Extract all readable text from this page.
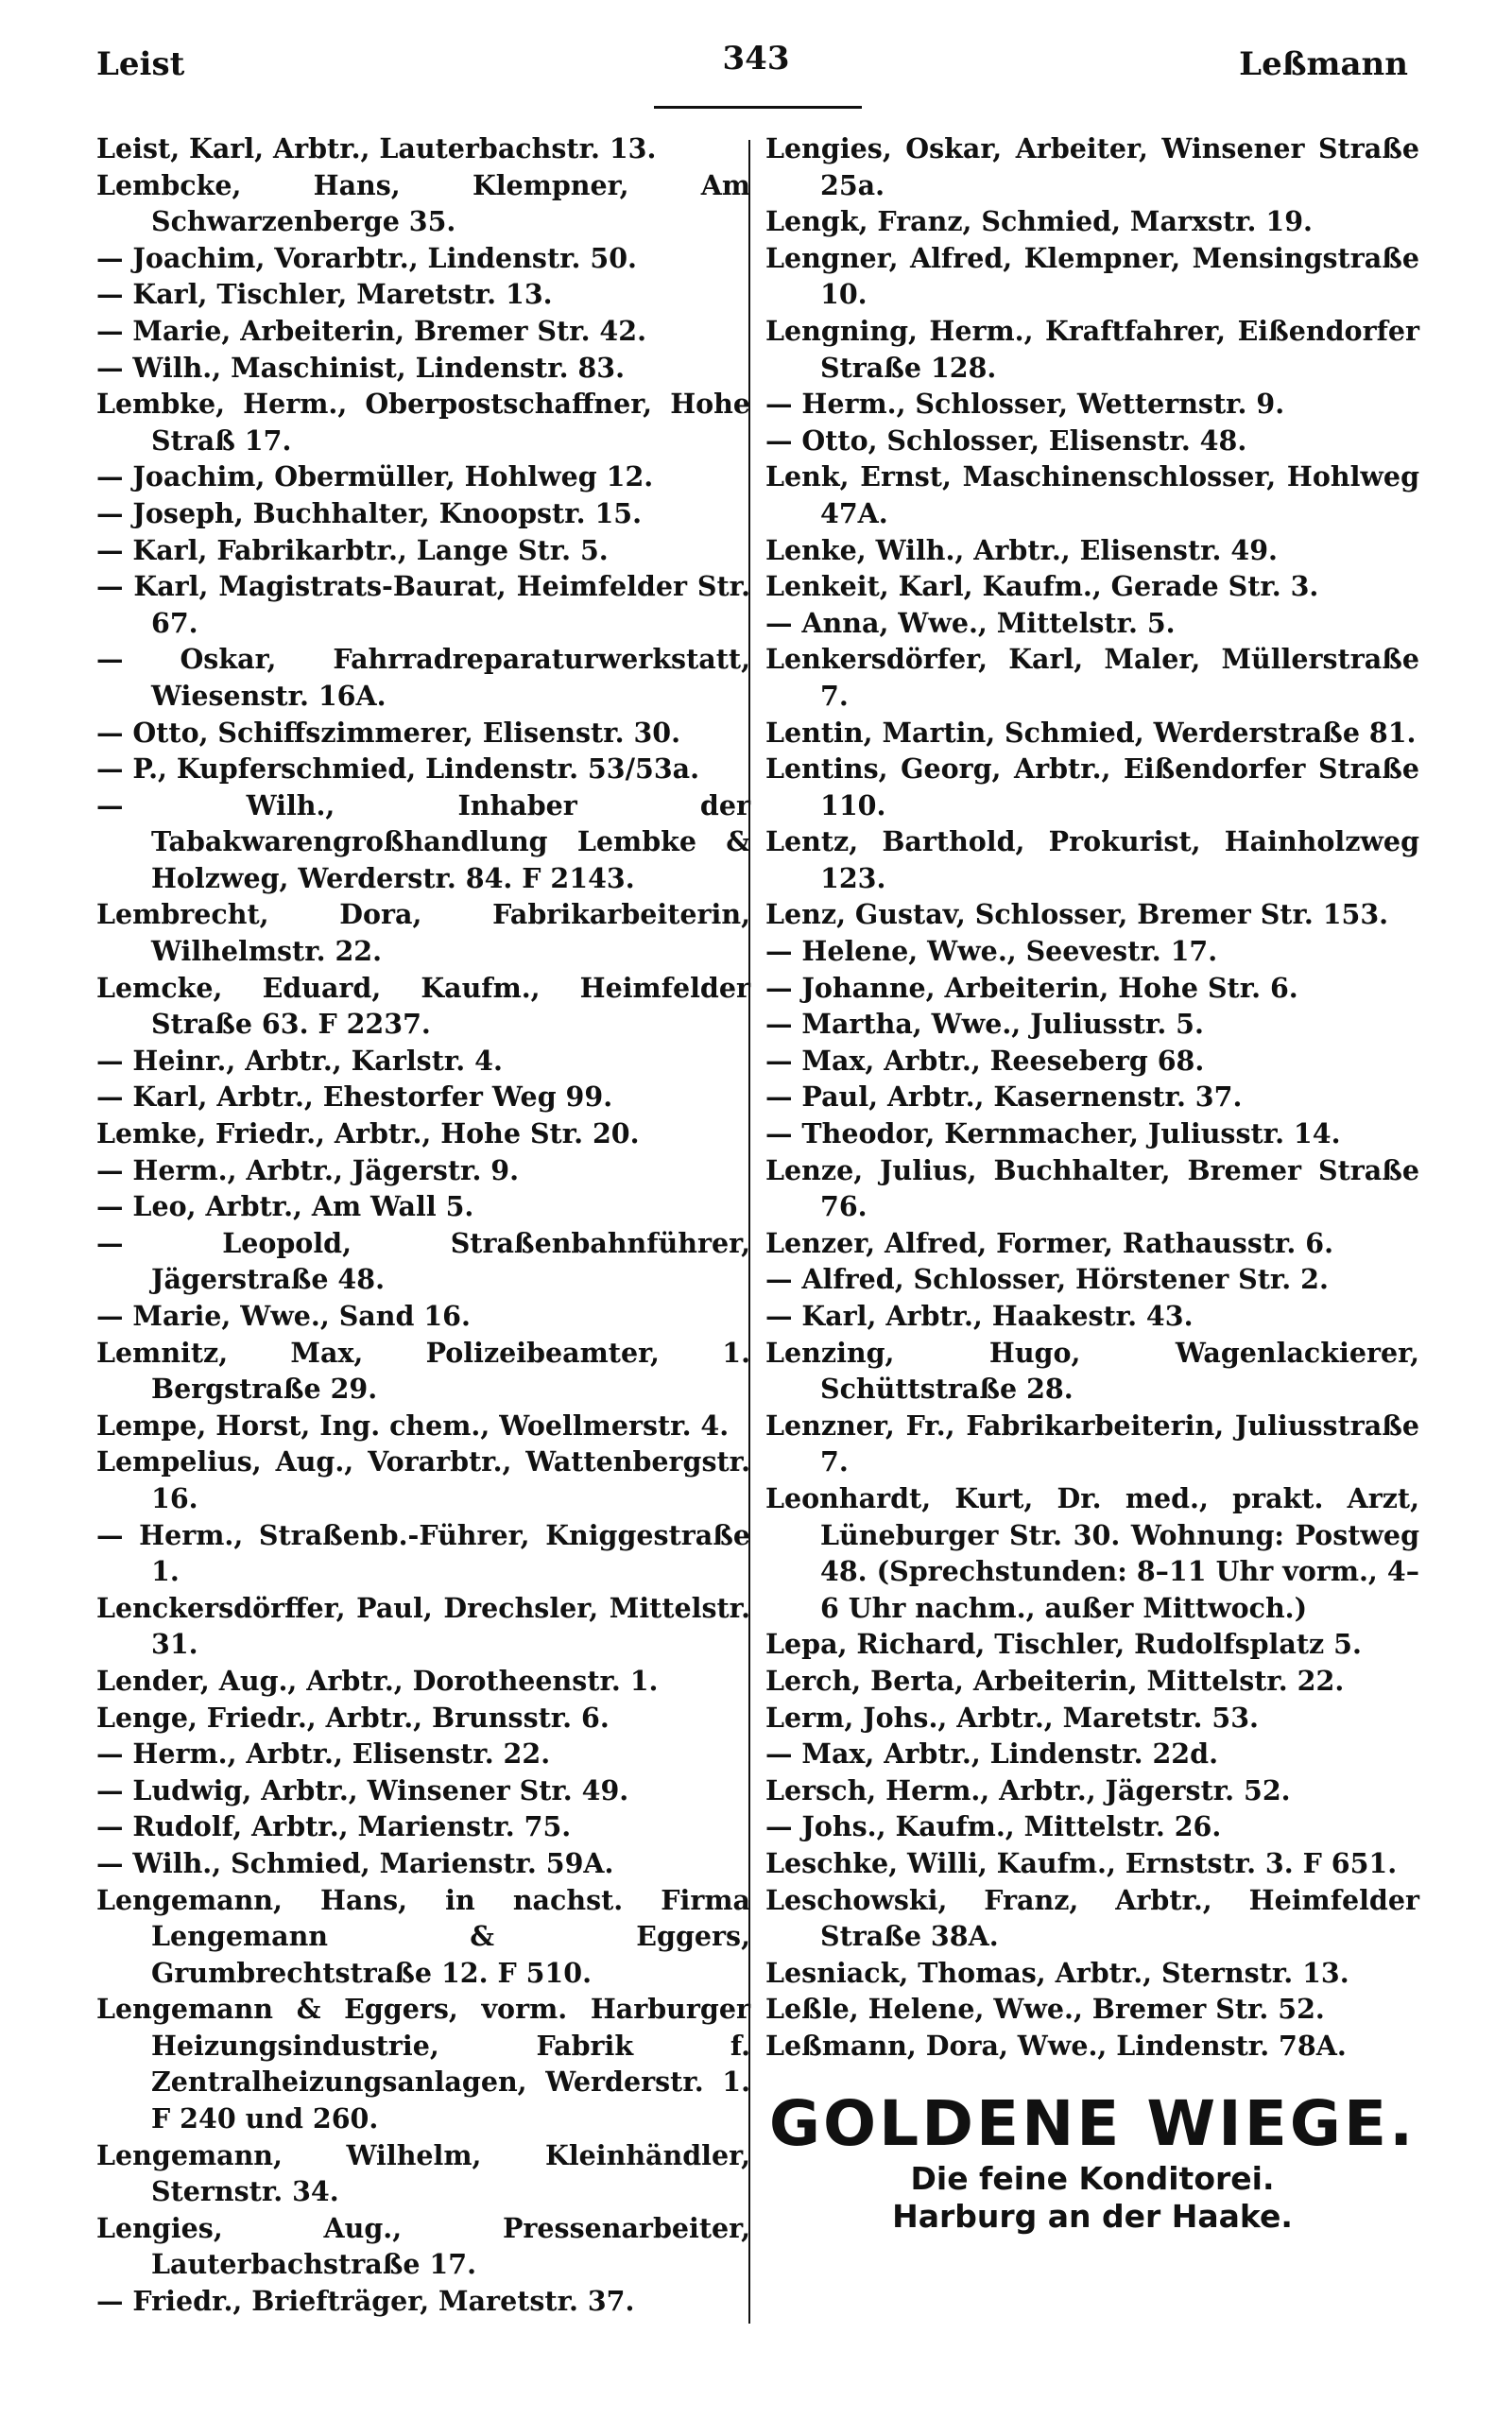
Leist	343	Leßmann
Leist, Karl, Arbtr., Lauterbachstr. 13.
Lembcke, Hans, Klempner, Am Schwarzenberge 35.
— Joachim, Vorarbtr., Lindenstr. 50.
— Karl, Tischler, Maretstr. 13.
— Marie, Arbeiterin, Bremer Str. 42.
— Wilh., Maschinist, Lindenstr. 83.
Lembke, Herm., Oberpostschaffner, Hohe Straß 17.
— Joachim, Obermüller, Hohlweg 12.
— Joseph, Buchhalter, Knoopstr. 15.
— Karl, Fabrikarbtr., Lange Str. 5.
— Karl, Magistrats-Baurat, Heimfelder Str. 67.
— Oskar, Fahrradreparaturwerkstatt, Wiesenstr. 16A.
— Otto, Schiffszimmerer, Elisenstr. 30.
— P., Kupferschmied, Lindenstr. 53/53a.
— Wilh., Inhaber der Tabakwarengroßhandlung Lembke & Holzweg, Werderstr. 84. F 2143.
Lembrecht, Dora, Fabrikarbeiterin, Wilhelmstr. 22.
Lemcke, Eduard, Kaufm., Heimfelder Straße 63. F 2237.
— Heinr., Arbtr., Karlstr. 4.
— Karl, Arbtr., Ehestorfer Weg 99.
Lemke, Friedr., Arbtr., Hohe Str. 20.
— Herm., Arbtr., Jägerstr. 9.
— Leo, Arbtr., Am Wall 5.
— Leopold, Straßenbahnführer, Jägerstraße 48.
— Marie, Wwe., Sand 16.
Lemnitz, Max, Polizeibeamter, 1. Bergstraße 29.
Lempe, Horst, Ing. chem., Woellmerstr. 4.
Lempelius, Aug., Vorarbtr., Wattenbergstr. 16.
— Herm., Straßenb.-Führer, Kniggestraße 1.
Lenckersdörffer, Paul, Drechsler, Mittelstr. 31.
Lender, Aug., Arbtr., Dorotheenstr. 1.
Lenge, Friedr., Arbtr., Brunsstr. 6.
— Herm., Arbtr., Elisenstr. 22.
— Ludwig, Arbtr., Winsener Str. 49.
— Rudolf, Arbtr., Marienstr. 75.
— Wilh., Schmied, Marienstr. 59A.
Lengemann, Hans, in nachst. Firma Lengemann & Eggers, Grumbrechtstraße 12. F 510.
Lengemann & Eggers, vorm. Harburger Heizungsindustrie, Fabrik f. Zentralheizungsanlagen, Werderstr. 1. F 240 und 260.
Lengemann, Wilhelm, Kleinhändler, Sternstr. 34.
Lengies, Aug., Pressenarbeiter, Lauterbachstraße 17.
— Friedr., Briefträger, Maretstr. 37.
Lengies, Oskar, Arbeiter, Winsener Straße 25a.
Lengk, Franz, Schmied, Marxstr. 19.
Lengner, Alfred, Klempner, Mensingstraße 10.
Lengning, Herm., Kraftfahrer, Eißendorfer Straße 128.
— Herm., Schlosser, Wetternstr. 9.
— Otto, Schlosser, Elisenstr. 48.
Lenk, Ernst, Maschinenschlosser, Hohlweg 47A.
Lenke, Wilh., Arbtr., Elisenstr. 49.
Lenkeit, Karl, Kaufm., Gerade Str. 3.
— Anna, Wwe., Mittelstr. 5.
Lenkersdörfer, Karl, Maler, Müllerstraße 7.
Lentin, Martin, Schmied, Werderstraße 81.
Lentins, Georg, Arbtr., Eißendorfer Straße 110.
Lentz, Barthold, Prokurist, Hainholzweg 123.
Lenz, Gustav, Schlosser, Bremer Str. 153.
— Helene, Wwe., Seevestr. 17.
— Johanne, Arbeiterin, Hohe Str. 6.
— Martha, Wwe., Juliusstr. 5.
— Max, Arbtr., Reeseberg 68.
— Paul, Arbtr., Kasernenstr. 37.
— Theodor, Kernmacher, Juliusstr. 14.
Lenze, Julius, Buchhalter, Bremer Straße 76.
Lenzer, Alfred, Former, Rathausstr. 6.
— Alfred, Schlosser, Hörstener Str. 2.
— Karl, Arbtr., Haakestr. 43.
Lenzing, Hugo, Wagenlackierer, Schüttstraße 28.
Lenzner, Fr., Fabrikarbeiterin, Juliusstraße 7.
Leonhardt, Kurt, Dr. med., prakt. Arzt, Lüneburger Str. 30. Wohnung: Postweg 48. (Sprechstunden: 8–11 Uhr vorm., 4–6 Uhr nachm., außer Mittwoch.)
Lepa, Richard, Tischler, Rudolfsplatz 5.
Lerch, Berta, Arbeiterin, Mittelstr. 22.
Lerm, Johs., Arbtr., Maretstr. 53.
— Max, Arbtr., Lindenstr. 22d.
Lersch, Herm., Arbtr., Jägerstr. 52.
— Johs., Kaufm., Mittelstr. 26.
Leschke, Willi, Kaufm., Ernststr. 3. F 651.
Leschowski, Franz, Arbtr., Heimfelder Straße 38A.
Lesniack, Thomas, Arbtr., Sternstr. 13.
Leßle, Helene, Wwe., Bremer Str. 52.
Leßmann, Dora, Wwe., Lindenstr. 78A.
GOLDENE WIEGE.
Die feine Konditorei.
Harburg an der Haake.
